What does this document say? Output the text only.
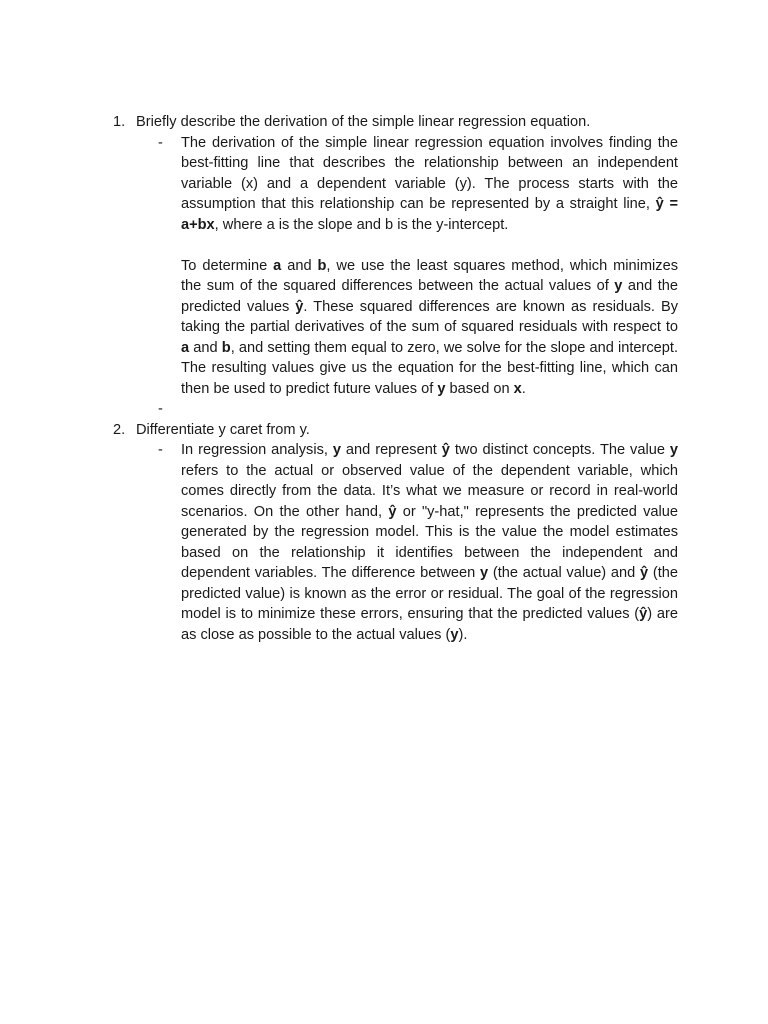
1. Briefly describe the derivation of the simple linear regression equation.
- The derivation of the simple linear regression equation involves finding the best-fitting line that describes the relationship between an independent variable (x) and a dependent variable (y). The process starts with the assumption that this relationship can be represented by a straight line, ŷ = a+bx, where a is the slope and b is the y-intercept.

To determine a and b, we use the least squares method, which minimizes the sum of the squared differences between the actual values of y and the predicted values ŷ. These squared differences are known as residuals. By taking the partial derivatives of the sum of squared residuals with respect to a and b, and setting them equal to zero, we solve for the slope and intercept. The resulting values give us the equation for the best-fitting line, which can then be used to predict future values of y based on x.

-
2. Differentiate y caret from y.
- In regression analysis, y and represent ŷ two distinct concepts. The value y refers to the actual or observed value of the dependent variable, which comes directly from the data. It’s what we measure or record in real-world scenarios. On the other hand, ŷ or "y-hat," represents the predicted value generated by the regression model. This is the value the model estimates based on the relationship it identifies between the independent and dependent variables. The difference between y (the actual value) and ŷ (the predicted value) is known as the error or residual. The goal of the regression model is to minimize these errors, ensuring that the predicted values (ŷ) are as close as possible to the actual values (y).
